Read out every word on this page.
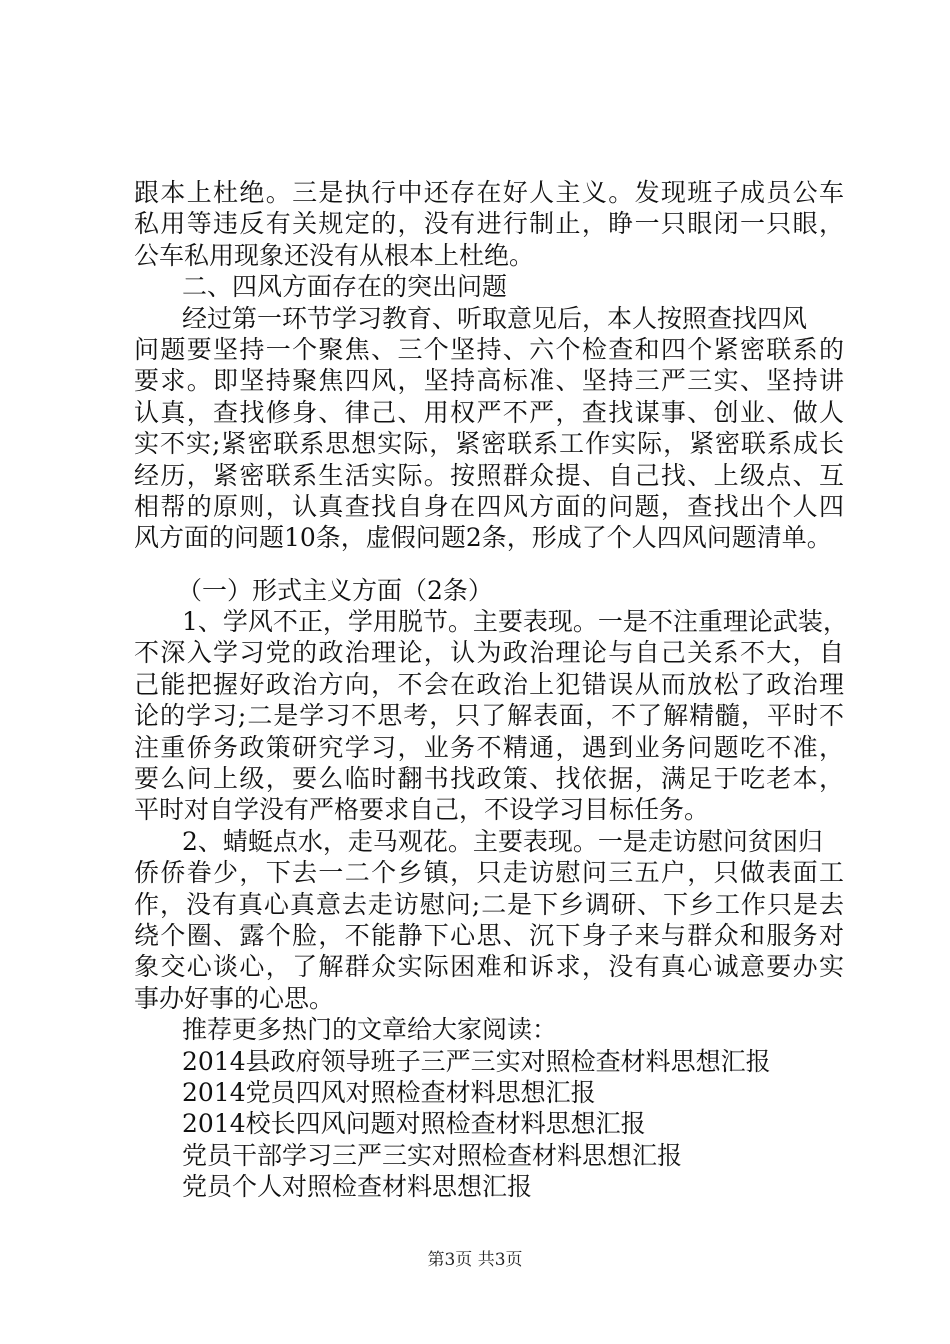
跟本上杜绝。三是执行中还存在好人主义。发现班子成员公车
私用等违反有关规定的，没有进行制止，睁一只眼闭一只眼，
公车私用现象还没有从根本上杜绝。
二、四风方面存在的突出问题
经过第一环节学习教育、听取意见后，本人按照查找四风
问题要坚持一个聚焦、三个坚持、六个检查和四个紧密联系的
要求。即坚持聚焦四风，坚持高标准、坚持三严三实、坚持讲
认真，查找修身、律己、用权严不严，查找谋事、创业、做人
实不实;紧密联系思想实际，紧密联系工作实际，紧密联系成长
经历，紧密联系生活实际。按照群众提、自己找、上级点、互
相帮的原则，认真查找自身在四风方面的问题，查找出个人四
风方面的问题10条，虚假问题2条，形成了个人四风问题清单。
（一）形式主义方面（2条）
1、学风不正，学用脱节。主要表现。一是不注重理论武装，
不深入学习党的政治理论，认为政治理论与自己关系不大，自
己能把握好政治方向，不会在政治上犯错误从而放松了政治理
论的学习;二是学习不思考，只了解表面，不了解精髓，平时不
注重侨务政策研究学习，业务不精通，遇到业务问题吃不准，
要么问上级，要么临时翻书找政策、找依据，满足于吃老本，
平时对自学没有严格要求自己，不设学习目标任务。
2、蜻蜓点水，走马观花。主要表现。一是走访慰问贫困归
侨侨眷少，下去一二个乡镇，只走访慰问三五户，只做表面工
作，没有真心真意去走访慰问;二是下乡调研、下乡工作只是去
绕个圈、露个脸，不能静下心思、沉下身子来与群众和服务对
象交心谈心，了解群众实际困难和诉求，没有真心诚意要办实
事办好事的心思。
推荐更多热门的文章给大家阅读：
2014县政府领导班子三严三实对照检查材料思想汇报
2014党员四风对照检查材料思想汇报
2014校长四风问题对照检查材料思想汇报
党员干部学习三严三实对照检查材料思想汇报
党员个人对照检查材料思想汇报
第3页 共3页
